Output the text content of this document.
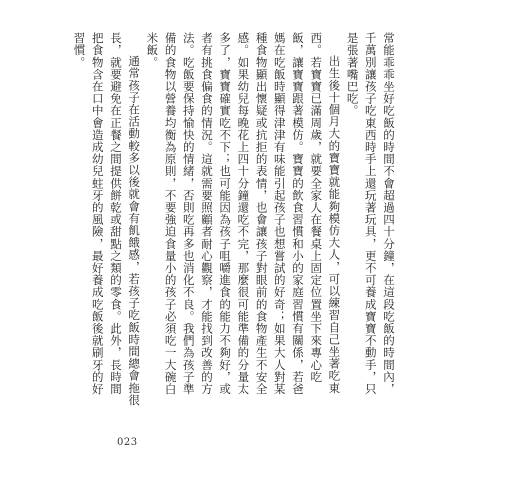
常能乖乖坐好吃飯的時間不會超過四十分鐘，在這段吃飯的時間內，千萬別讓孩子吃東西時手上還玩著玩具，更不可養成寶寶不動手，只是張著嘴巴吃。

出生後十個月大的寶寶就能夠模仿大人，可以練習自己坐著吃東西。若寶寶已滿周歲，就要全家人在餐桌上固定位置坐下來專心吃飯，讓寶寶跟著模仿。寶寶的飲食習慣和小的家庭習慣有關係，若爸媽在吃飯時顯得津津有味能引起孩子也想嘗試的好奇；如果大人對某種食物顯出懷疑或抗拒的表情，也會讓孩子對眼前的食物產生不安全感。如果幼兒每晚花上四十分鐘還吃不完，那麼很可能準備的分量太多了，寶寶確實吃不下；也可能因為孩子咀嚼進食的能力不夠好，或者有挑食偏食的情況。這就需要照顧者耐心觀察，才能找到改善的方法。吃飯要保持愉快的情緒，否則吃再多也消化不良。我們為孩子準備的食物以營養均衡為原則，不要強迫食量小的孩子必須吃一大碗白米飯。

通常孩子在活動較多以後就會有飢餓感，若孩子吃飯時間總會拖很長，就要避免在正餐之間提供餅乾或甜點之類的零食。此外，長時間把食物含在口中會造成幼兒蛀牙的風險，最好養成吃飯後就刷牙的好習慣。

023
